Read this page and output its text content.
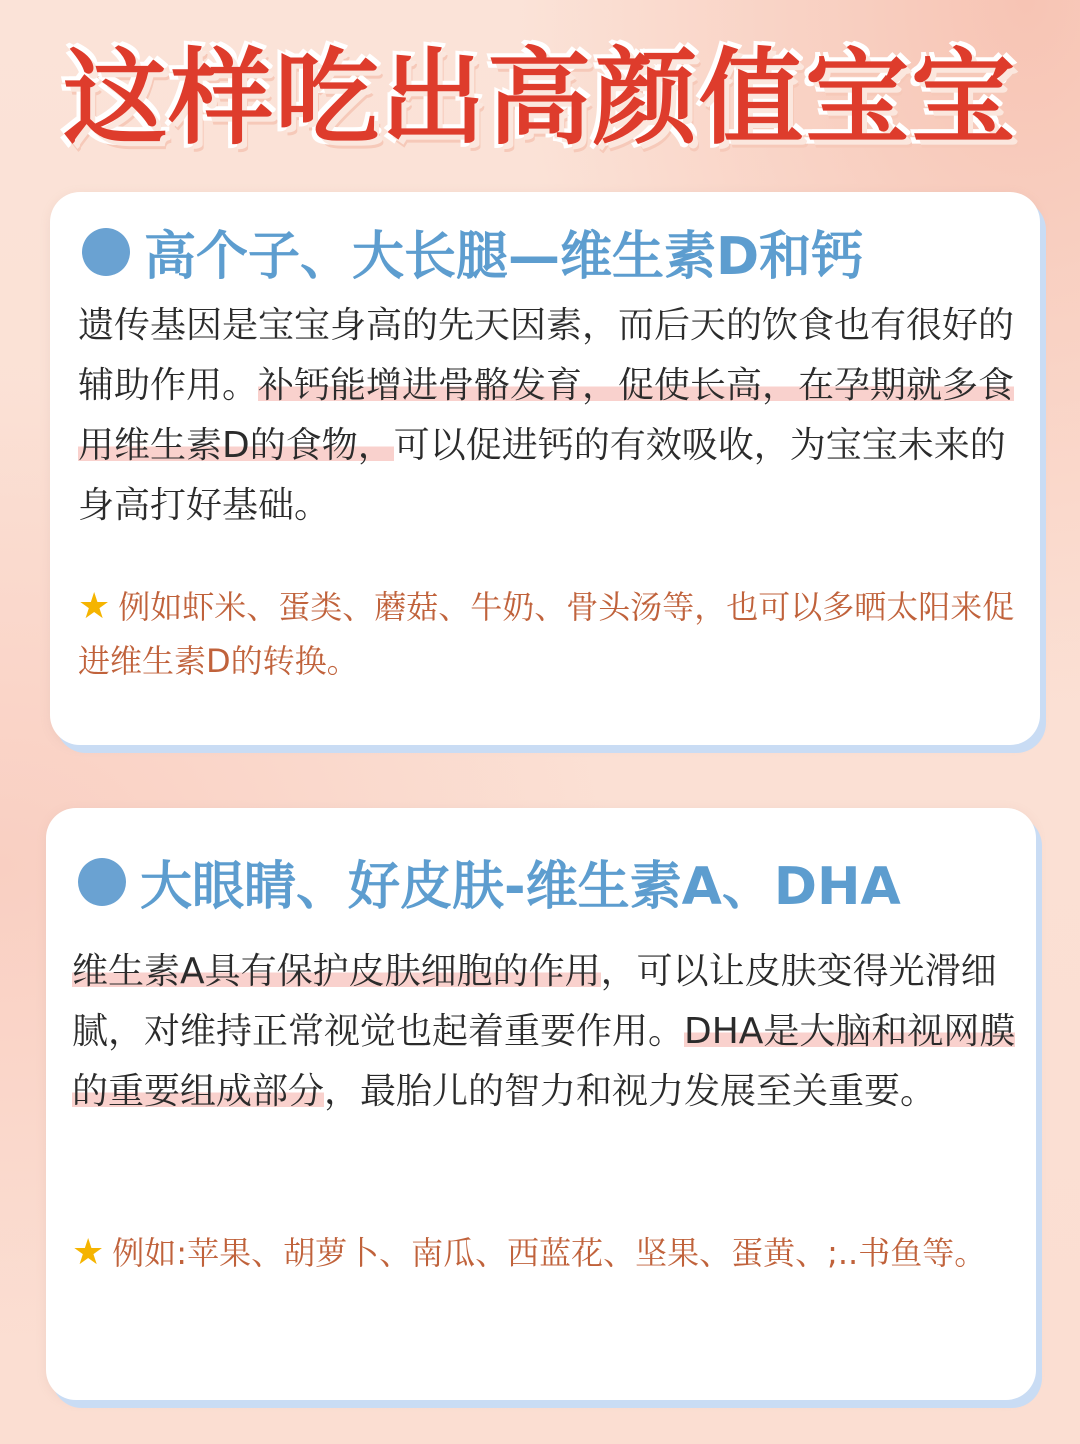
这样吃出高颜值宝宝
高个子、大长腿—维生素D和钙
遗传基因是宝宝身高的先天因素，而后天的饮食也有很好的辅助作用。补钙能增进骨骼发育，促使长高，在孕期就多食用维生素D的食物，可以促进钙的有效吸收，为宝宝未来的身高打好基础。
★ 例如虾米、蛋类、蘑菇、牛奶、骨头汤等，也可以多晒太阳来促进维生素D的转换。
大眼睛、好皮肤-维生素A、DHA
维生素A具有保护皮肤细胞的作用，可以让皮肤变得光滑细腻，对维持正常视觉也起着重要作用。DHA是大脑和视网膜的重要组成部分，最胎儿的智力和视力发展至关重要。
★ 例如:苹果、胡萝卜、南瓜、西蓝花、坚果、蛋黄、;..书鱼等。
